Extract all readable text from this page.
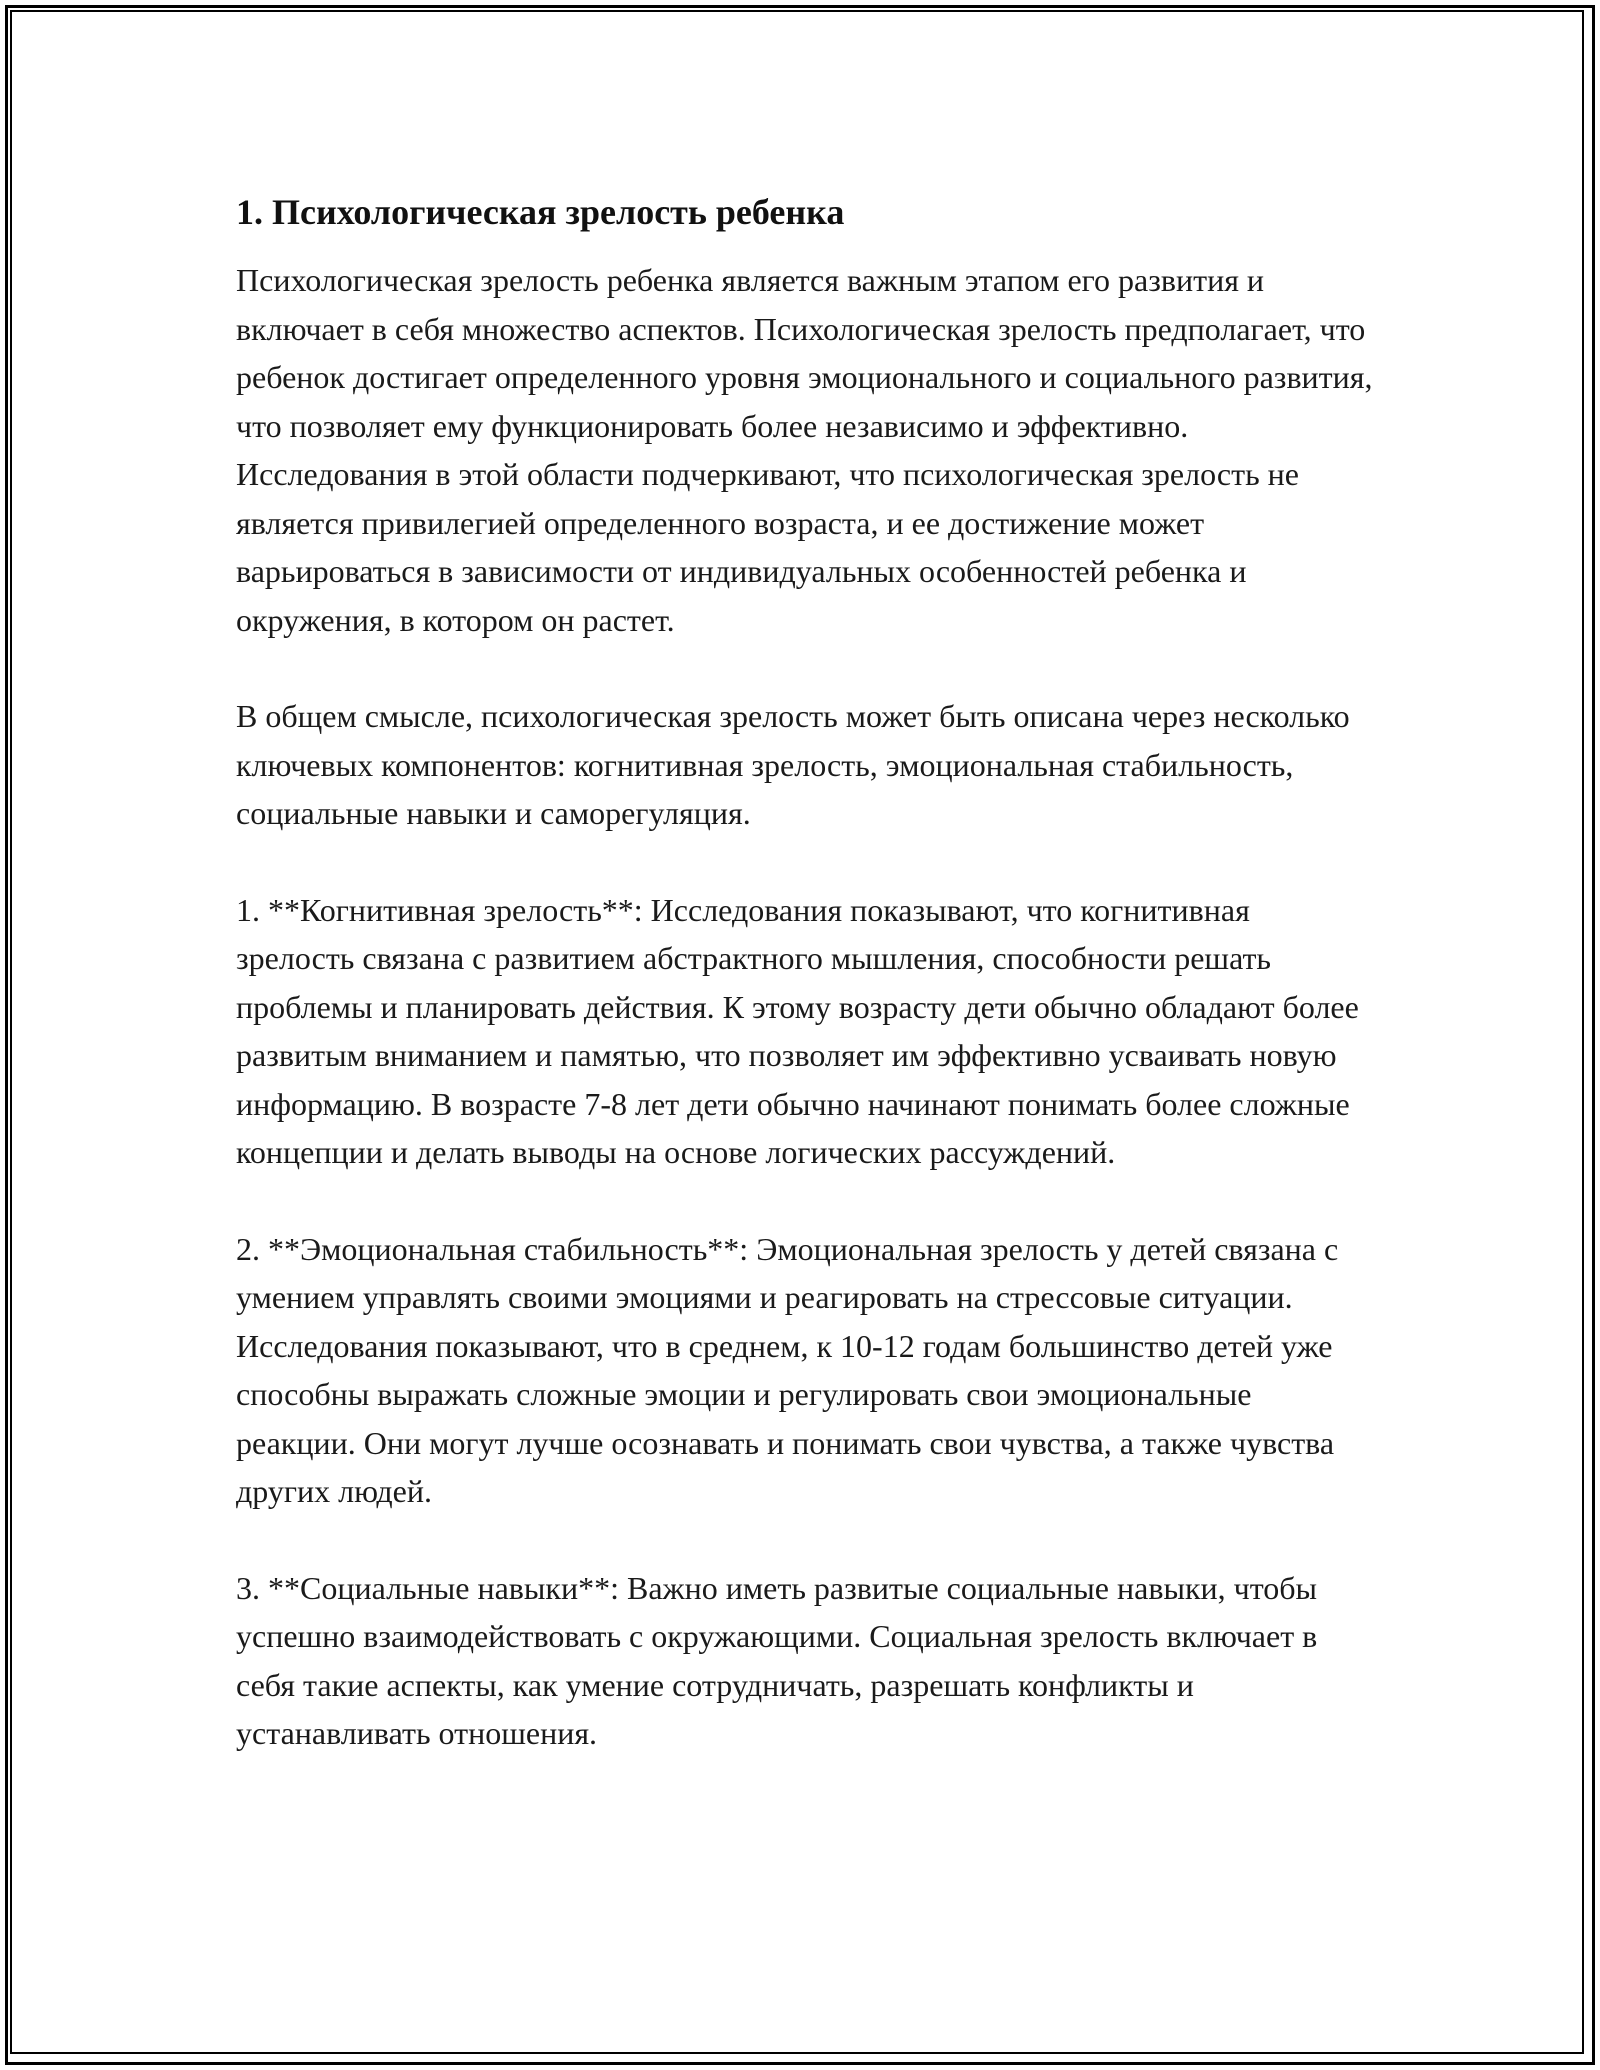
1. Психологическая зрелость ребенка

Психологическая зрелость ребенка является важным этапом его развития и включает в себя множество аспектов. Психологическая зрелость предполагает, что ребенок достигает определенного уровня эмоционального и социального развития, что позволяет ему функционировать более независимо и эффективно. Исследования в этой области подчеркивают, что психологическая зрелость не является привилегией определенного возраста, и ее достижение может варьироваться в зависимости от индивидуальных особенностей ребенка и окружения, в котором он растет.

В общем смысле, психологическая зрелость может быть описана через несколько ключевых компонентов: когнитивная зрелость, эмоциональная стабильность, социальные навыки и саморегуляция.

1. **Когнитивная зрелость**: Исследования показывают, что когнитивная зрелость связана с развитием абстрактного мышления, способности решать проблемы и планировать действия. К этому возрасту дети обычно обладают более развитым вниманием и памятью, что позволяет им эффективно усваивать новую информацию. В возрасте 7-8 лет дети обычно начинают понимать более сложные концепции и делать выводы на основе логических рассуждений.

2. **Эмоциональная стабильность**: Эмоциональная зрелость у детей связана с умением управлять своими эмоциями и реагировать на стрессовые ситуации. Исследования показывают, что в среднем, к 10-12 годам большинство детей уже способны выражать сложные эмоции и регулировать свои эмоциональные реакции. Они могут лучше осознавать и понимать свои чувства, а также чувства других людей.

3. **Социальные навыки**: Важно иметь развитые социальные навыки, чтобы успешно взаимодействовать с окружающими. Социальная зрелость включает в себя такие аспекты, как умение сотрудничать, разрешать конфликты и устанавливать отношения.
